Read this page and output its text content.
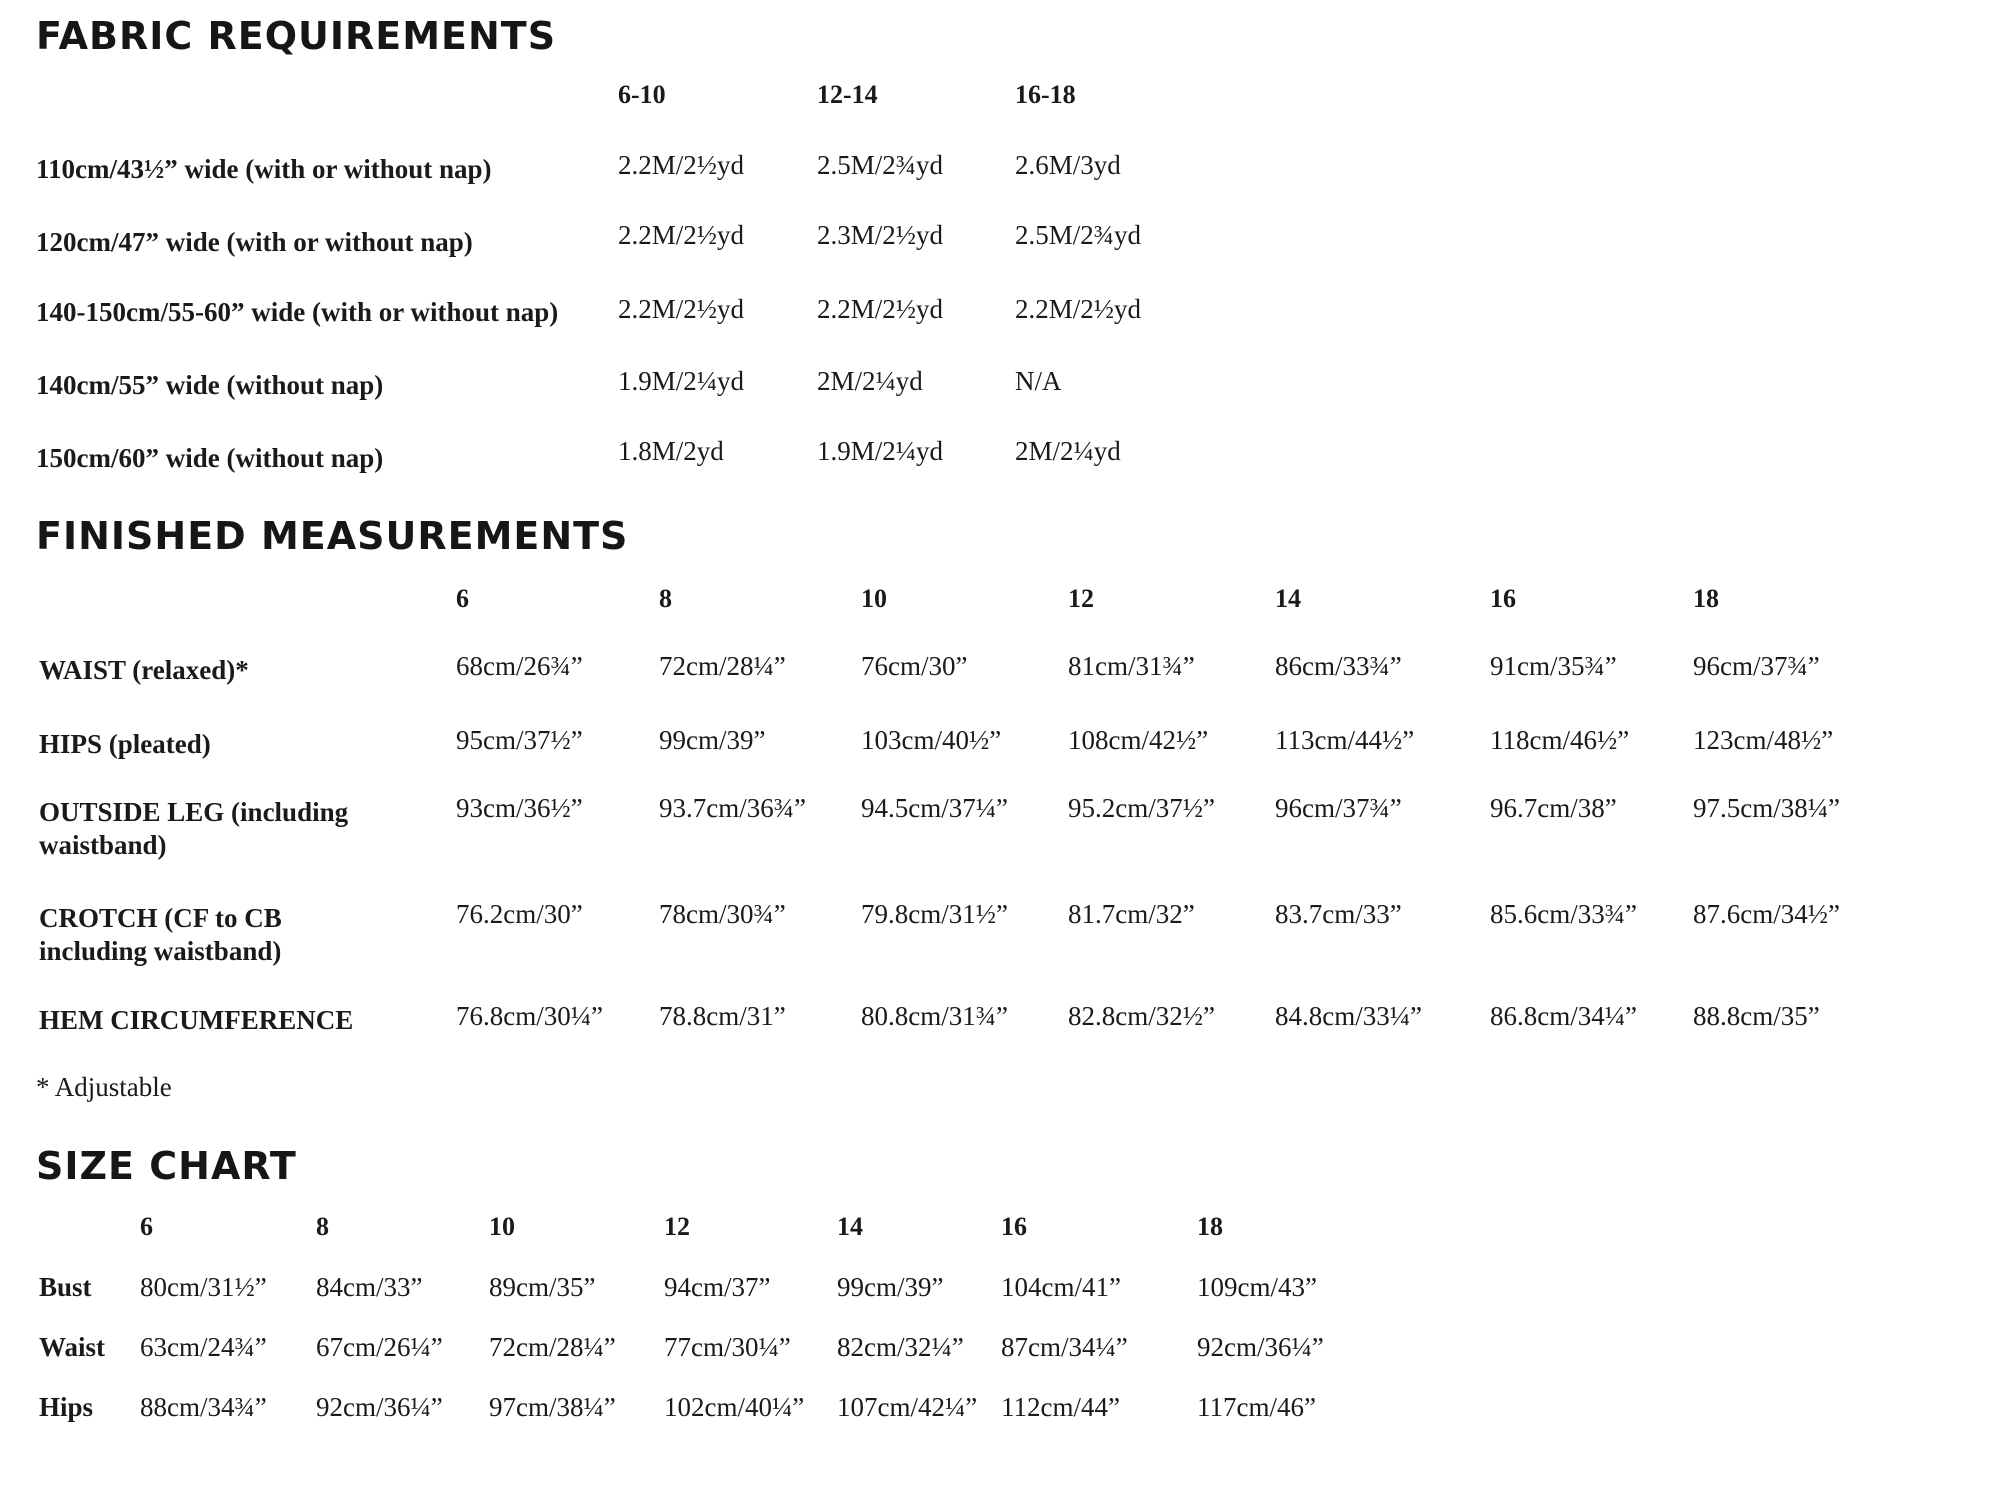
FABRIC REQUIREMENTS
FINISHED MEASUREMENTS
SIZE CHART
6-10	12-14	16-18
110cm/43½” wide (with or without nap)	2.2M/2½yd	2.5M/2¾yd	2.6M/3yd
120cm/47” wide (with or without nap)	2.2M/2½yd	2.3M/2½yd	2.5M/2¾yd
140-150cm/55-60” wide (with or without nap) 2.2M/2½yd	2.2M/2½yd	2.2M/2½yd
140cm/55” wide (without nap)	1.9M/2¼yd	2M/2¼yd	N/A
150cm/60” wide (without nap)	1.8M/2yd	1.9M/2¼yd	2M/2¼yd
6	8	10	12	14	16	18
WAIST (relaxed)*	68cm/26¾”	72cm/28¼”	76cm/30”	81cm/31¾”	86cm/33¾”	91cm/35¾”	96cm/37¾”
HIPS (pleated)	95cm/37½”	99cm/39”	103cm/40½” 108cm/42½” 113cm/44½”	118cm/46½” 123cm/48½”
OUTSIDE LEG (including
waistband)
93cm/36½”	93.7cm/36¾” 94.5cm/37¼” 95.2cm/37½” 96cm/37¾”	96.7cm/38”	97.5cm/38¼”
CROTCH (CF to CB
including waistband)
76.2cm/30”	78cm/30¾”	79.8cm/31½” 81.7cm/32”	83.7cm/33”	85.6cm/33¾” 87.6cm/34½”
HEM CIRCUMFERENCE	76.8cm/30¼” 78.8cm/31”	80.8cm/31¾” 82.8cm/32½” 84.8cm/33¼”	86.8cm/34¼” 88.8cm/35”
6	8	10	12	14	16	18
Bust 80cm/31½” 84cm/33” 89cm/35”	94cm/37” 99cm/39” 104cm/41”	109cm/43”
Waist 63cm/24¾” 67cm/26¼” 72cm/28¼” 77cm/30¼” 82cm/32¼” 87cm/34¼”	92cm/36¼”
Hips 88cm/34¾” 92cm/36¼” 97cm/38¼” 102cm/40¼” 107cm/42¼” 112cm/44”	117cm/46”
* Adjustable
